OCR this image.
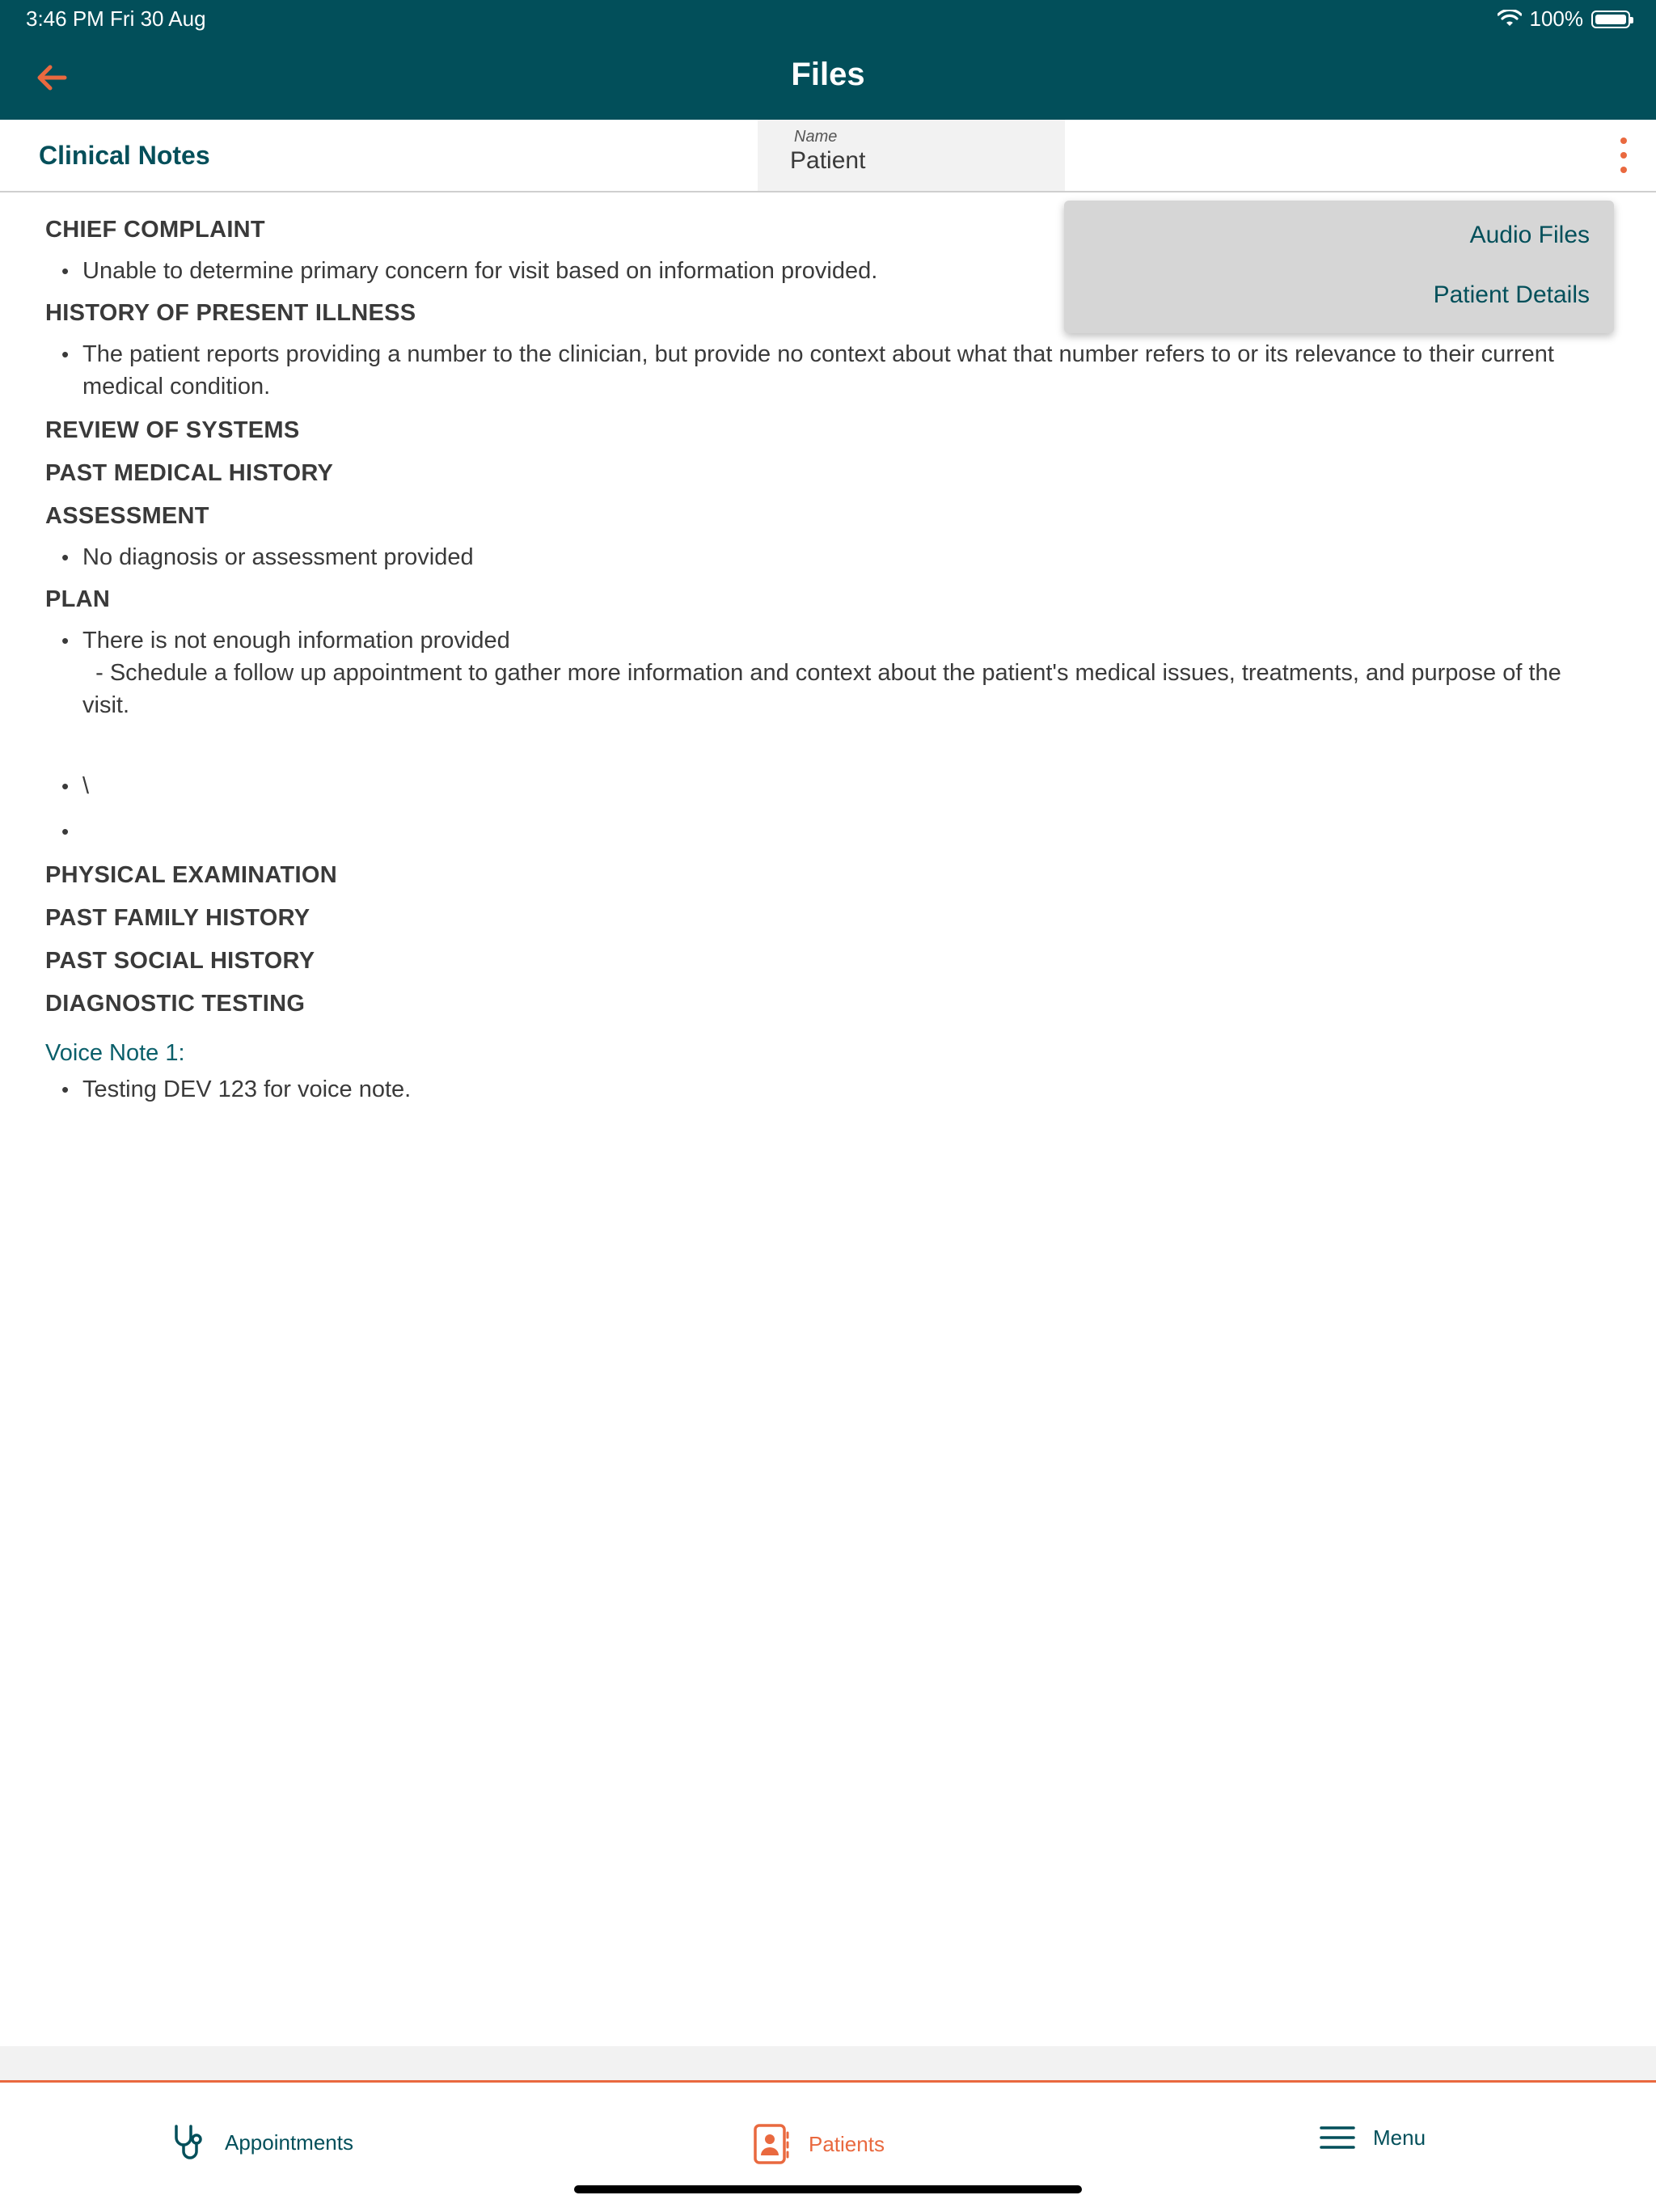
3:46 PM Fri 30 Aug	100%
Files
Clinical Notes
Name
Patient
Audio Files
Patient Details

CHIEF COMPLAINT

• Unable to determine primary concern for visit based on information provided.

HISTORY OF PRESENT ILLNESS

• The patient reports providing a number to the clinician, but provide no context about what that number refers to or its relevance to their current medical condition.

REVIEW OF SYSTEMS

PAST MEDICAL HISTORY

ASSESSMENT

• No diagnosis or assessment provided

PLAN

• There is not enough information provided
- Schedule a follow up appointment to gather more information and context about the patient's medical issues, treatments, and purpose of the visit.

• \

•

PHYSICAL EXAMINATION

PAST FAMILY HISTORY

PAST SOCIAL HISTORY

DIAGNOSTIC TESTING

Voice Note 1:

• Testing DEV 123 for voice note.

Appointments	Patients	Menu
